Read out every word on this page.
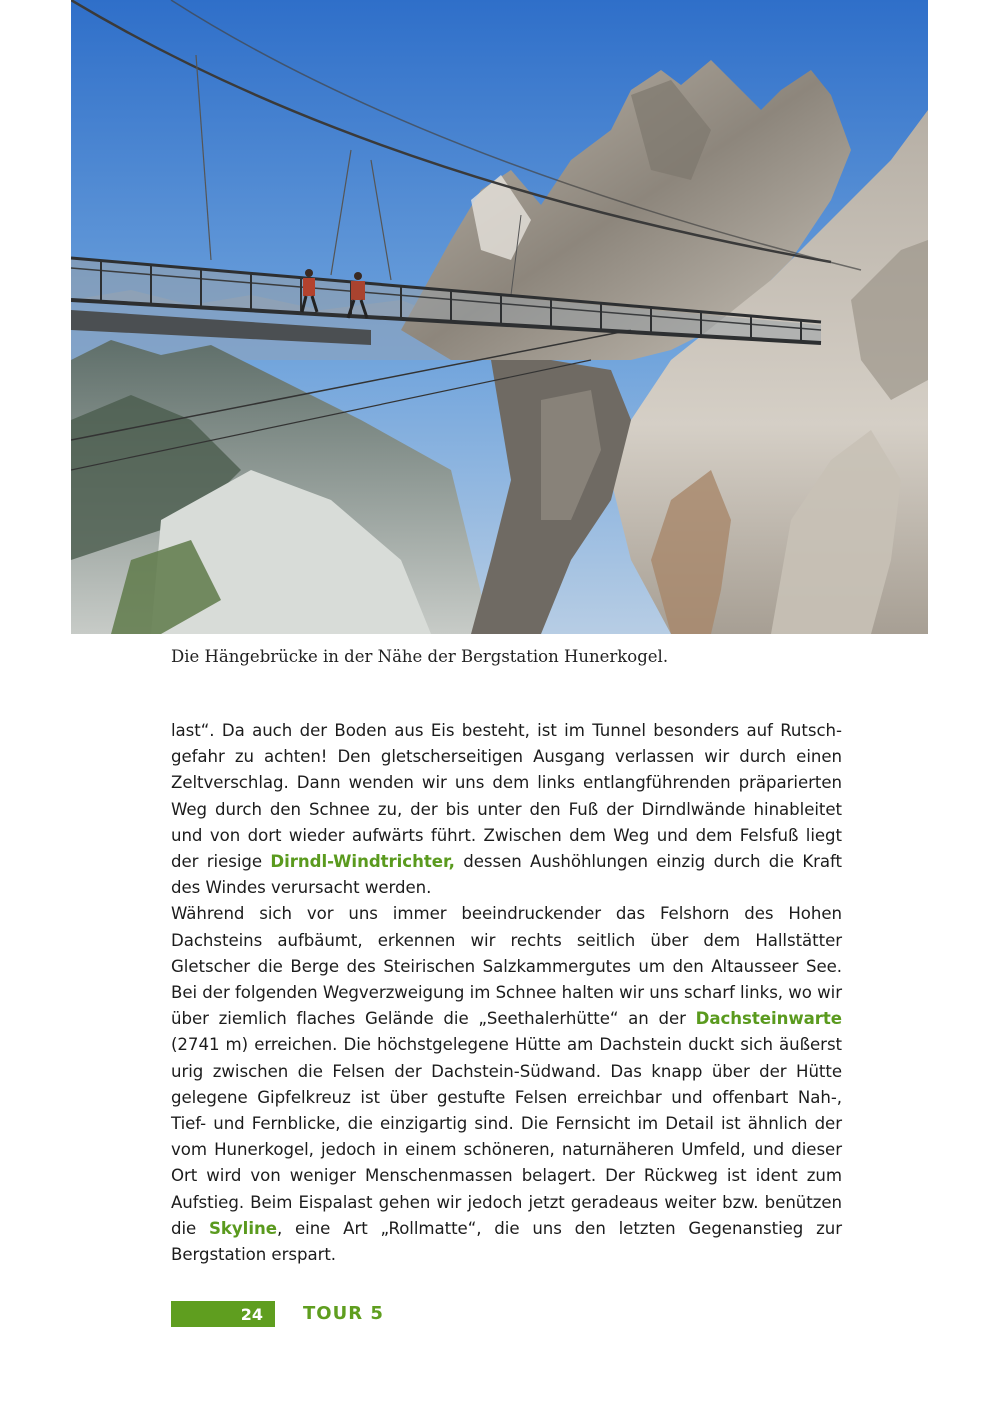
Die Hängebrücke in der Nähe der Bergstation Hunerkogel.

last“. Da auch der Boden aus Eis besteht, ist im Tunnel besonders auf Rutschgefahr zu achten! Den gletscherseitigen Ausgang verlassen wir durch einen Zeltverschlag. Dann wenden wir uns dem links entlangführenden präparierten Weg durch den Schnee zu, der bis unter den Fuß der Dirndlwände hinableitet und von dort wieder aufwärts führt. Zwischen dem Weg und dem Felsfuß liegt der riesige Dirndl-Windtrichter, dessen Aushöhlungen einzig durch die Kraft des Windes verursacht werden.

Während sich vor uns immer beeindruckender das Felshorn des Hohen Dachsteins aufbäumt, erkennen wir rechts seitlich über dem Hallstätter Gletscher die Berge des Steirischen Salzkammergutes um den Altausseer See. Bei der folgenden Wegverzweigung im Schnee halten wir uns scharf links, wo wir über ziemlich flaches Gelände die „Seethalerhütte“ an der Dachsteinwarte (2741 m) erreichen. Die höchstgelegene Hütte am Dachstein duckt sich äußerst urig zwischen die Felsen der Dachstein-Südwand. Das knapp über der Hütte gelegene Gipfelkreuz ist über gestufte Felsen erreichbar und offenbart Nah-, Tief- und Fernblicke, die einzigartig sind. Die Fernsicht im Detail ist ähnlich der vom Hunerkogel, jedoch in einem schöneren, naturnäheren Umfeld, und dieser Ort wird von weniger Menschenmassen belagert. Der Rückweg ist ident zum Aufstieg. Beim Eispalast gehen wir jedoch jetzt geradeaus weiter bzw. benützen die Skyline, eine Art „Rollmatte“, die uns den letzten Gegenanstieg zur Bergstation erspart.

24 TOUR 5
